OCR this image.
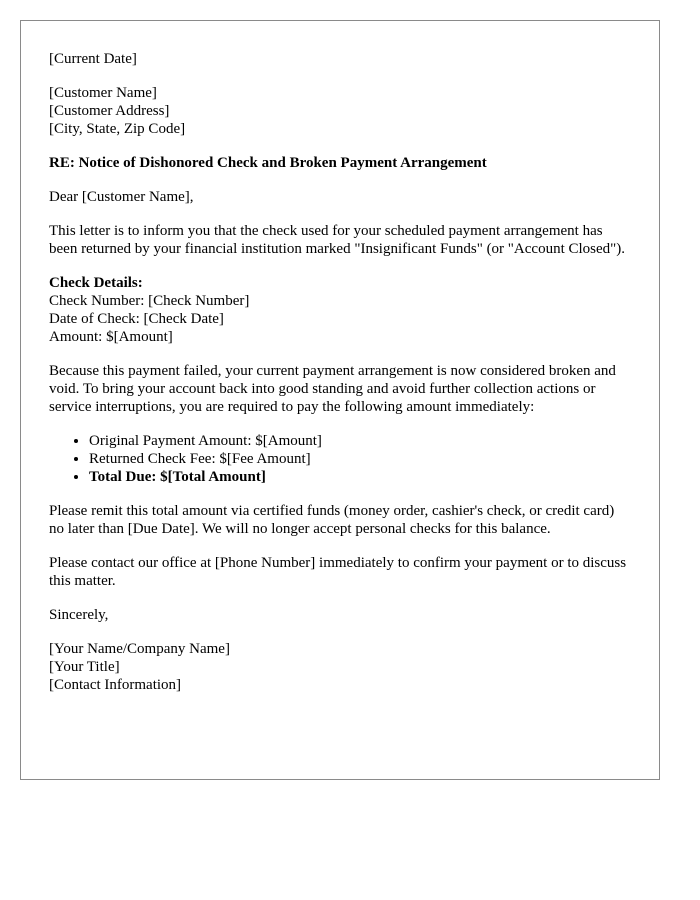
[Current Date]
[Customer Name]
[Customer Address]
[City, State, Zip Code]
RE: Notice of Dishonored Check and Broken Payment Arrangement
Dear [Customer Name],

This letter is to inform you that the check used for your scheduled payment arrangement has been returned by your financial institution marked "Insignificant Funds" (or "Account Closed").

Check Details:
Check Number: [Check Number]
Date of Check: [Check Date]
Amount: $[Amount]

Because this payment failed, your current payment arrangement is now considered broken and void. To bring your account back into good standing and avoid further collection actions or service interruptions, you are required to pay the following amount immediately:

• Original Payment Amount: $[Amount]
• Returned Check Fee: $[Fee Amount]
• Total Due: $[Total Amount]

Please remit this total amount via certified funds (money order, cashier's check, or credit card) no later than [Due Date]. We will no longer accept personal checks for this balance.

Please contact our office at [Phone Number] immediately to confirm your payment or to discuss this matter.

Sincerely,
[Your Name/Company Name]
[Your Title]
[Contact Information]
